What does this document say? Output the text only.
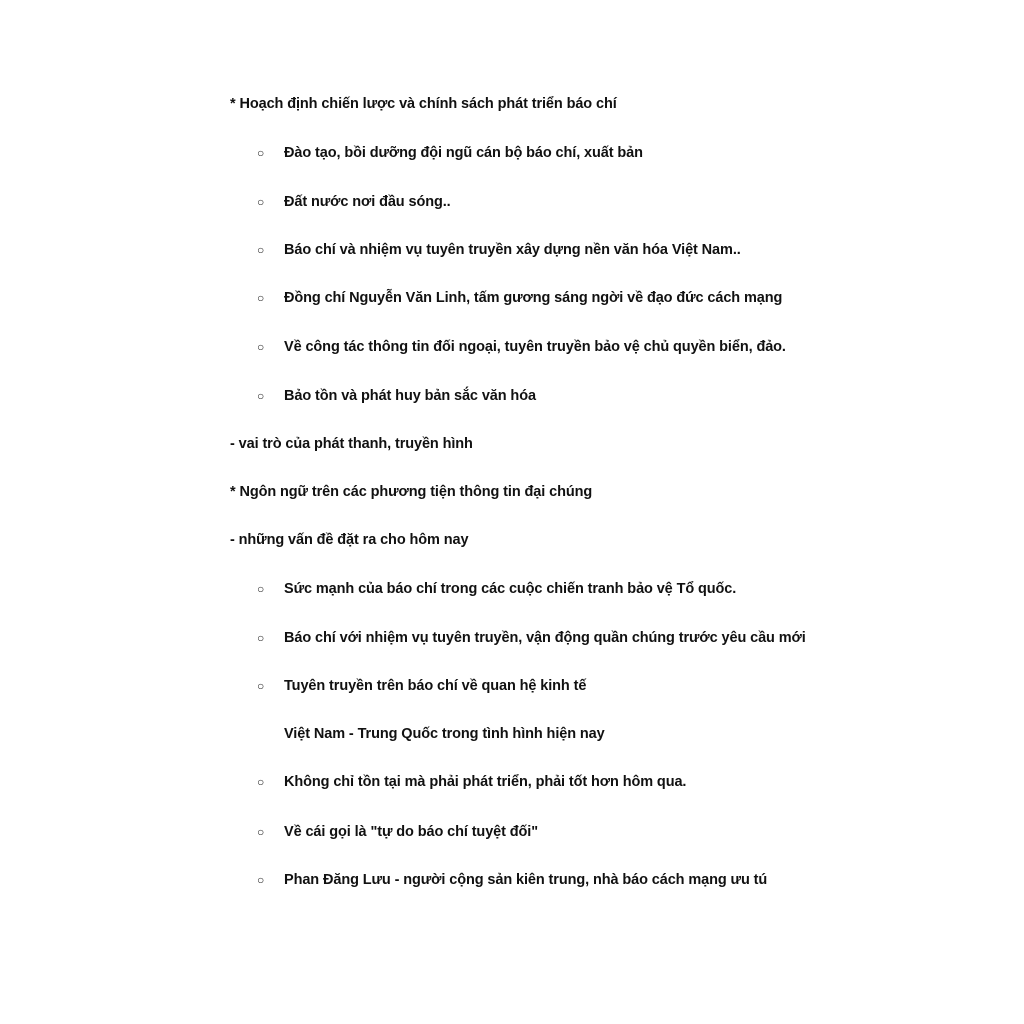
* Hoạch định chiến lược và chính sách phát triển báo chí
○ Đào tạo, bồi dưỡng đội ngũ cán bộ báo chí, xuất bản
○ Đất nước nơi đầu sóng..
○ Báo chí và nhiệm vụ tuyên truyền xây dựng nền văn hóa Việt Nam..
○ Đồng chí Nguyễn Văn Linh, tấm gương sáng ngời về đạo đức cách mạng
○ Về công tác thông tin đối ngoại, tuyên truyền bảo vệ chủ quyền biển, đảo.
○ Bảo tồn và phát huy bản sắc văn hóa
- vai trò của phát thanh, truyền hình
* Ngôn ngữ trên các phương tiện thông tin đại chúng
- những vấn đề đặt ra cho hôm nay
○ Sức mạnh của báo chí trong các cuộc chiến tranh bảo vệ Tổ quốc.
○ Báo chí với nhiệm vụ tuyên truyền, vận động quần chúng trước yêu cầu mới
○ Tuyên truyền trên báo chí về quan hệ kinh tế
Việt Nam - Trung Quốc trong tình hình hiện nay
○ Không chỉ tồn tại mà phải phát triển, phải tốt hơn hôm qua.
○ Về cái gọi là "tự do báo chí tuyệt đối"
○ Phan Đăng Lưu - người cộng sản kiên trung, nhà báo cách mạng ưu tú
